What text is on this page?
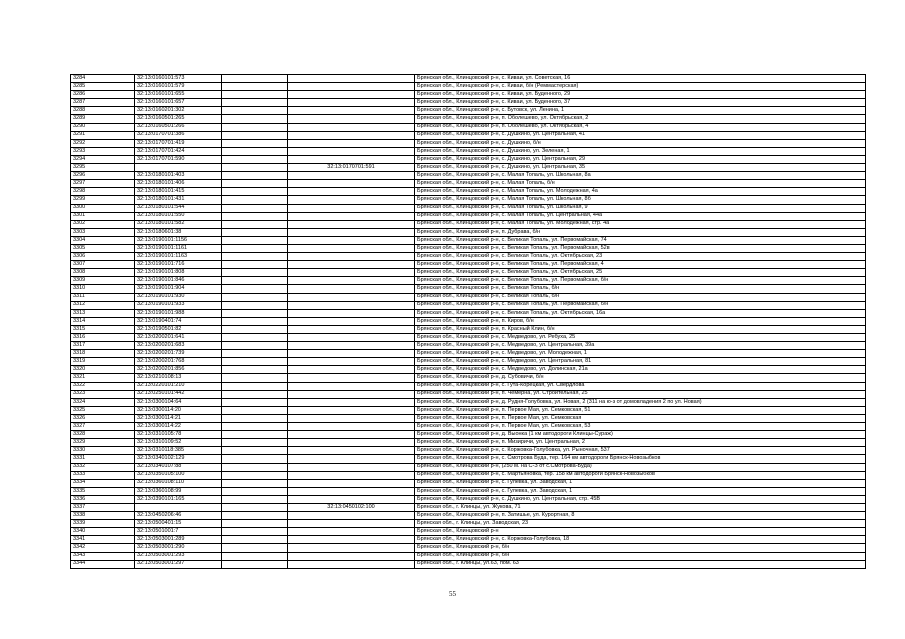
3284	32:13:0160101:573			Брянская обл., Клинцовский р-н, с. Киваи, ул. Советская, 16
3285	32:13:0160101:579			Брянская обл., Клинцовский р-н, с. Киваи, б/н (Реммастерская)
3286	32:13:0160101:655			Брянская обл., Клинцовский р-н, с. Киваи, ул. Буденного, 29
3287	32:13:0160101:657			Брянская обл., Клинцовский р-н, с. Киваи, ул. Буденного, 37
3288	32:13:0160201:302			Брянская обл., Клинцовский р-н, с. Бутовск, ул. Ленина, 1
3289	32:13:0160501:265			Брянская обл., Клинцовский р-н, п. Оболешево, ул. Октябрьская, 2
3290	32:13:0160501:266			Брянская обл., Клинцовский р-н, п. Оболешево, ул. Октябрьская, 4
3291	32:13:0170701:386			Брянская обл., Клинцовский р-н, с. Душкино, ул. Центральная, 41
3292	32:13:0170701:419			Брянская обл., Клинцовский р-н, с. Душкино, б/н
3293	32:13:0170701:424			Брянская обл., Клинцовский р-н, с. Душкино, ул. Зеленая, 1
3294	32:13:0170701:590			Брянская обл., Клинцовский р-н, с. Душкино, ул. Центральная, 29
3295			32:13:0170701:591	Брянская обл., Клинцовский р-н, с. Душкино, ул. Центральная, 35
3296	32:13:0180101:403			Брянская обл., Клинцовский р-н, с. Малая Топаль, ул. Школьная, 8а
3297	32:13:0180101:406			Брянская обл., Клинцовский р-н, с. Малая Топаль, б/н
3298	32:13:0180101:415			Брянская обл., Клинцовский р-н, с. Малая Топаль, ул. Молодежная, 4а
3299	32:13:0180101:431			Брянская обл., Клинцовский р-н, с. Малая Топаль, ул. Школьная, 8б
3300	32:13:0180101:544			Брянская обл., Клинцовский р-н, с. Малая Топаль, ул. Школьная, 9
3301	32:13:0180101:550			Брянская обл., Клинцовский р-н, с. Малая Топаль, ул. Центральная, 44а
3302	32:13:0180101:582			Брянская обл., Клинцовский р-н, с. Малая Топаль, ул. Молодежная, стр. 4а
3303	32:13:0180601:38			Брянская обл., Клинцовский р-н, п. Дубрава, б/н
3304	32:13:0190101:1156			Брянская обл., Клинцовский р-н, с. Великая Топаль, ул. Первомайская, 74
3305	32:13:0190101:1161			Брянская обл., Клинцовский р-н, с. Великая Топаль, ул. Первомайская, 52в
3306	32:13:0190101:1163			Брянская обл., Клинцовский р-н, с. Великая Топаль, ул. Октябрьская, 23
3307	32:13:0190101:716			Брянская обл., Клинцовский р-н, с. Великая Топаль, ул. Первомайская, 4
3308	32:13:0190101:808			Брянская обл., Клинцовский р-н, с. Великая Топаль, ул. Октябрьская, 25
3309	32:13:0190101:846			Брянская обл., Клинцовский р-н, с. Великая Топаль, ул. Первомайская, б/н
3310	32:13:0190101:904			Брянская обл., Клинцовский р-н, с. Великая Топаль, б/н
3311	32:13:0190101:930			Брянская обл., Клинцовский р-н, с. Великая Топаль, б/н
3312	32:13:0190101:933			Брянская обл., Клинцовский р-н, с. Великая Топаль, ул. Первомайская, б/н
3313	32:13:0190101:988			Брянская обл., Клинцовский р-н, с. Великая Топаль, ул. Октябрьская, 16а
3314	32:13:0190401:74			Брянская обл., Клинцовский р-н, п. Киров, б/н
3315	32:13:0190501:82			Брянская обл., Клинцовский р-н, п. Красный Клин, б/н
3316	32:13:0200201:641			Брянская обл., Клинцовский р-н, с. Медведово, ул. Ребуха, 25
3317	32:13:0200201:683			Брянская обл., Клинцовский р-н, с. Медведово, ул. Центральная, 39а
3318	32:13:0200201:739			Брянская обл., Клинцовский р-н, с. Медведово, ул. Молодежная, 1
3319	32:13:0200201:768			Брянская обл., Клинцовский р-н, с. Медведово, ул. Центральная, 81
3320	32:13:0200201:856			Брянская обл., Клинцовский р-н, с. Медведово, ул. Долинская, 21а
3321	32:13:0210108:13			Брянская обл., Клинцовский р-н, д. Субовичи, б/н
3322	32:13:0220101:210			Брянская обл., Клинцовский р-н, с. Гута-Корецкая, ул. Свердлова
3323	32:13:0250101:442			Брянская обл., Клинцовский р-н, п. Чемерна, ул. Строительная, 25
3324	32:13:0300104:64			Брянская обл., Клинцовский р-н, д. Рудня-Голубовка, ул. Новая, 2 (311 на ю-з от домовладения 2 по ул. Новая)
3325	32:13:0300114:20			Брянская обл., Клинцовский р-н, п. Первое Мая, ул. Семковская, 51
3326	32:13:0300114:21			Брянская обл., Клинцовский р-н, п. Первое Мая, ул. Семковская
3327	32:13:0300114:22			Брянская обл., Клинцовский р-н, п. Первое Мая, ул. Семковская, 53
3328	32:13:0310105:78			Брянская обл., Клинцовский р-н, д. Выонка (1 км автодороги Клинцы-Сураж)
3329	32:13:0310109:52			Брянская обл., Клинцовский р-н, п. Мизиричи, ул. Центральная, 2
3330	32:13:0310118:385			Брянская обл., Клинцовский р-н, с. Коржовка-Голубовка, ул. Рыночная, 537
3331	32:13:0340102:129			Брянская обл., Клинцовский р-н, с. Смотрова Буда, тер. 164 км автодороги Брянск-Новозыбков
3332	32:13:0340107:88			Брянская обл., Клинцовский р-н, (250 м. на С-З от с.Смотрова-Буда)
3333	32:13:0350105:100			Брянская обл., Клинцовский р-н, с. Мартьяновка, тер. 158 км автодороги Брянск-Новозыбков
3334	32:13:0360108:110			Брянская обл., Клинцовский р-н, с. Гулевка, ул. Заводская, 1
3335	32:13:0360108:99			Брянская обл., Клинцовский р-н, с. Гулевка, ул. Заводская, 1
3336	32:13:0390101:165			Брянская обл., Клинцовский р-н, с. Душкино, ул. Центральная, стр. 45В
3337			32:13:0450102:100	Брянская обл., г. Клинцы, ул. Жукова, 71
3338	32:13:0450206:46			Брянская обл., Клинцовский р-н, п. Затишье, ул. Курортная, 8
3339	32:13:0500401:15			Брянская обл., г. Клинцы, ул. Заводская, 23
3340	32:13:0501001:7			Брянская обл., Клинцовский р-н
3341	32:13:0503001:289			Брянская обл., Клинцовский р-н, с. Коржовка-Голубовка, 18
3342	32:13:0503001:290			Брянская обл., Клинцовский р-н, б/н
3343	32:13:0503001:293			Брянская обл., Клинцовский р-н, б/н
3344	32:13:0503001:297			Брянская обл., г. Клинцы, ул.63, пом. 63
55
